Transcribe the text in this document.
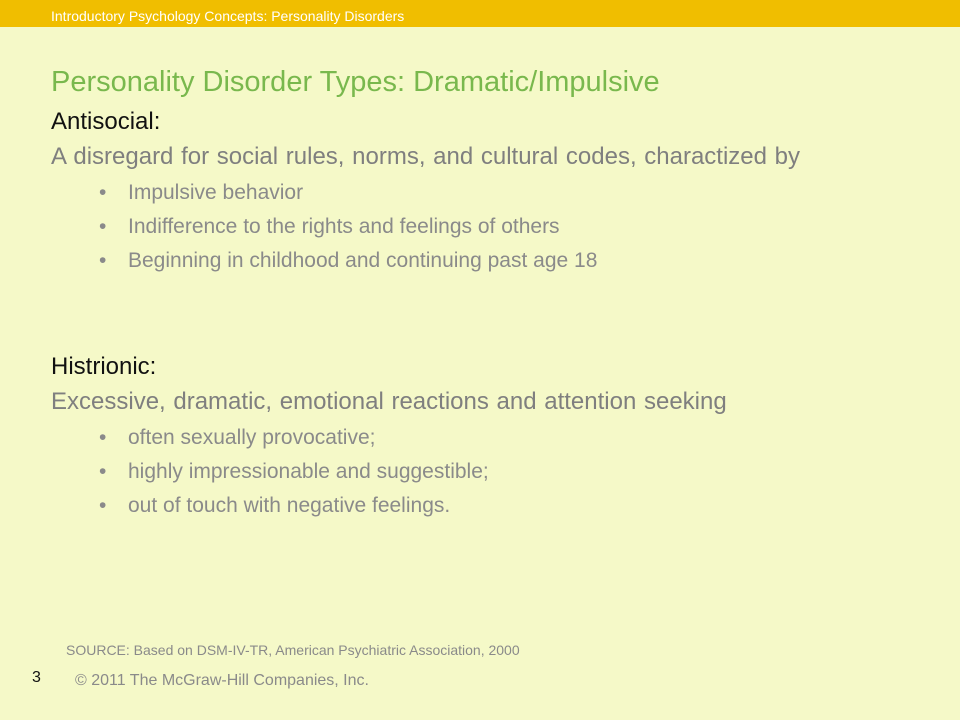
Introductory Psychology Concepts: Personality Disorders
Personality Disorder Types: Dramatic/Impulsive

Antisocial:

A disregard for social rules, norms, and cultural codes, charactized by

• Impulsive behavior
• Indifference to the rights and feelings of others
• Beginning in childhood and continuing past age 18

Histrionic:

Excessive, dramatic, emotional reactions and attention seeking

• often sexually provocative;
• highly impressionable and suggestible;
• out of touch with negative feelings.
SOURCE: Based on DSM-IV-TR, American Psychiatric Association, 2000
3 © 2011 The McGraw-Hill Companies, Inc.
